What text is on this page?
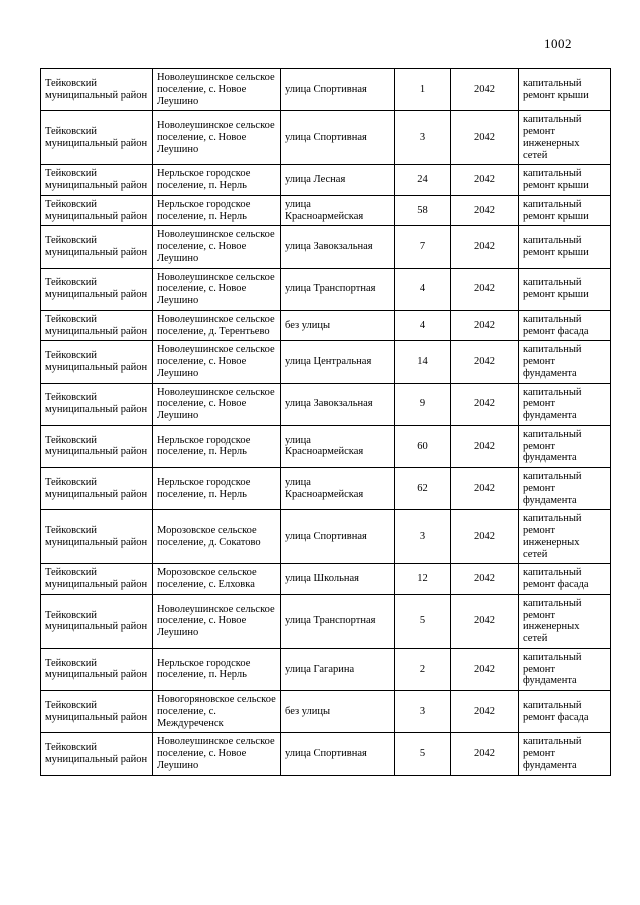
1002
Тейковский муниципальный район	Новолеушинское сельское поселение, с. Новое Леушино	улица Спортивная	1	2042	капитальный ремонт крыши
Тейковский муниципальный район	Новолеушинское сельское поселение, с. Новое Леушино	улица Спортивная	3	2042	капитальный ремонт инженерных сетей
Тейковский муниципальный район	Нерльское городское поселение, п. Нерль	улица Лесная	24	2042	капитальный ремонт крыши
Тейковский муниципальный район	Нерльское городское поселение, п. Нерль	улица Красноармейская	58	2042	капитальный ремонт крыши
Тейковский муниципальный район	Новолеушинское сельское поселение, с. Новое Леушино	улица Завокзальная	7	2042	капитальный ремонт крыши
Тейковский муниципальный район	Новолеушинское сельское поселение, с. Новое Леушино	улица Транспортная	4	2042	капитальный ремонт крыши
Тейковский муниципальный район	Новолеушинское сельское поселение, д. Терентьево	без улицы	4	2042	капитальный ремонт фасада
Тейковский муниципальный район	Новолеушинское сельское поселение, с. Новое Леушино	улица Центральная	14	2042	капитальный ремонт фундамента
Тейковский муниципальный район	Новолеушинское сельское поселение, с. Новое Леушино	улица Завокзальная	9	2042	капитальный ремонт фундамента
Тейковский муниципальный район	Нерльское городское поселение, п. Нерль	улица Красноармейская	60	2042	капитальный ремонт фундамента
Тейковский муниципальный район	Нерльское городское поселение, п. Нерль	улица Красноармейская	62	2042	капитальный ремонт фундамента
Тейковский муниципальный район	Морозовское сельское поселение, д. Сокатово	улица Спортивная	3	2042	капитальный ремонт инженерных сетей
Тейковский муниципальный район	Морозовское сельское поселение, с. Елховка	улица Школьная	12	2042	капитальный ремонт фасада
Тейковский муниципальный район	Новолеушинское сельское поселение, с. Новое Леушино	улица Транспортная	5	2042	капитальный ремонт инженерных сетей
Тейковский муниципальный район	Нерльское городское поселение, п. Нерль	улица Гагарина	2	2042	капитальный ремонт фундамента
Тейковский муниципальный район	Новогоряновское сельское поселение, с. Междуреченск	без улицы	3	2042	капитальный ремонт фасада
Тейковский муниципальный район	Новолеушинское сельское поселение, с. Новое Леушино	улица Спортивная	5	2042	капитальный ремонт фундамента
